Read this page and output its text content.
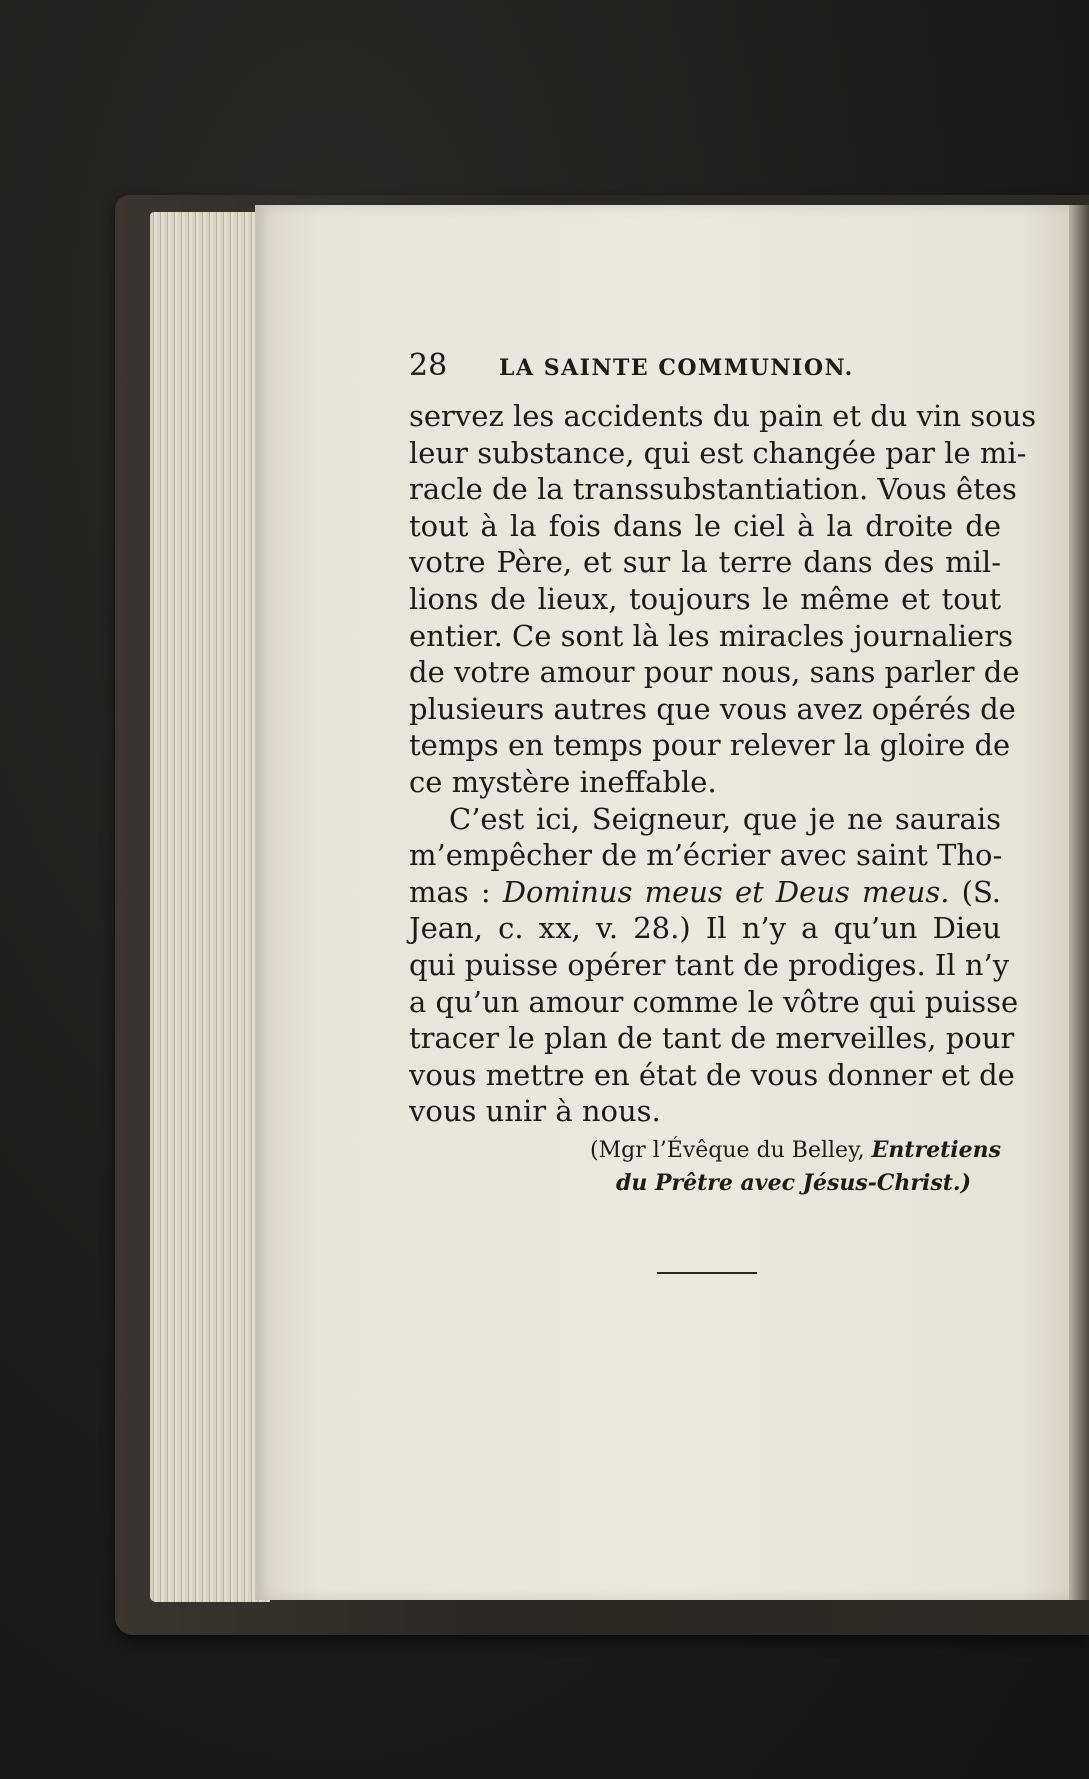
28	LA SAINTE COMMUNION.
servez les accidents du pain et du vin sous
leur substance, qui est changée par le mi-
racle de la transsubstantiation. Vous êtes
tout à la fois dans le ciel à la droite de
votre Père, et sur la terre dans des mil-
lions de lieux, toujours le même et tout
entier. Ce sont là les miracles journaliers
de votre amour pour nous, sans parler de
plusieurs autres que vous avez opérés de
temps en temps pour relever la gloire de
ce mystère ineffable.
C’est ici, Seigneur, que je ne saurais
m’empêcher de m’écrier avec saint Tho-
mas : Dominus meus et Deus meus. (S.
Jean, c. xx, v. 28.) Il n’y a qu’un Dieu
qui puisse opérer tant de prodiges. Il n’y
a qu’un amour comme le vôtre qui puisse
tracer le plan de tant de merveilles, pour
vous mettre en état de vous donner et de
vous unir à nous.
(Mgr l’Évêque du Belley, Entretiens
du Prêtre avec Jésus-Christ.)
